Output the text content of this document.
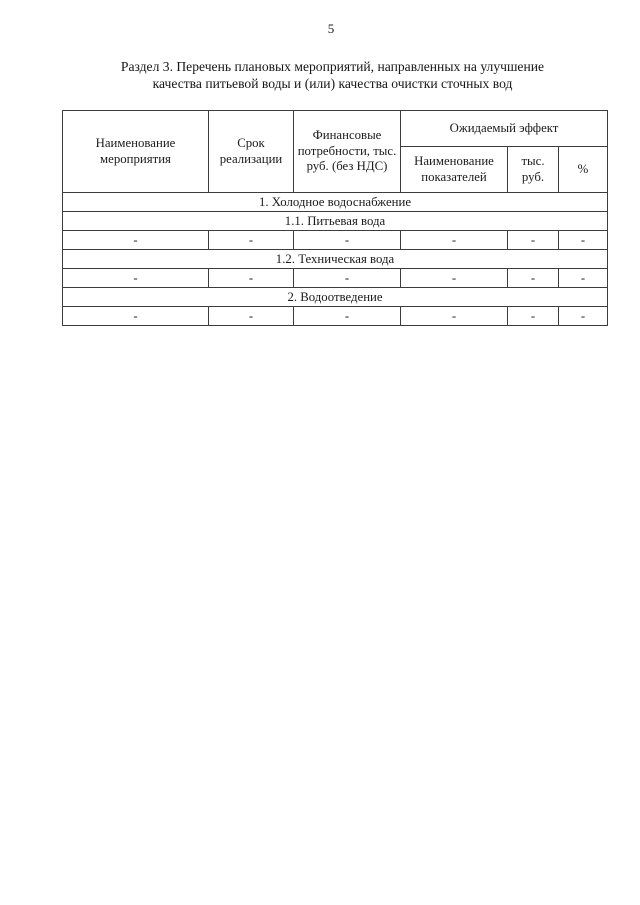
5
Раздел 3. Перечень плановых мероприятий, направленных на улучшение
качества питьевой воды и (или) качества очистки сточных вод
Наименование мероприятия	Срок реализации	Финансовые потребности, тыс. руб. (без НДС)	Ожидаемый эффект		
			Наименование показателей	тыс. руб.	%
1. Холодное водоснабжение					
1.1. Питьевая вода					
-	-	-	-	-	-
1.2. Техническая вода					
-	-	-	-	-	-
2. Водоотведение					
-	-	-	-	-	-
